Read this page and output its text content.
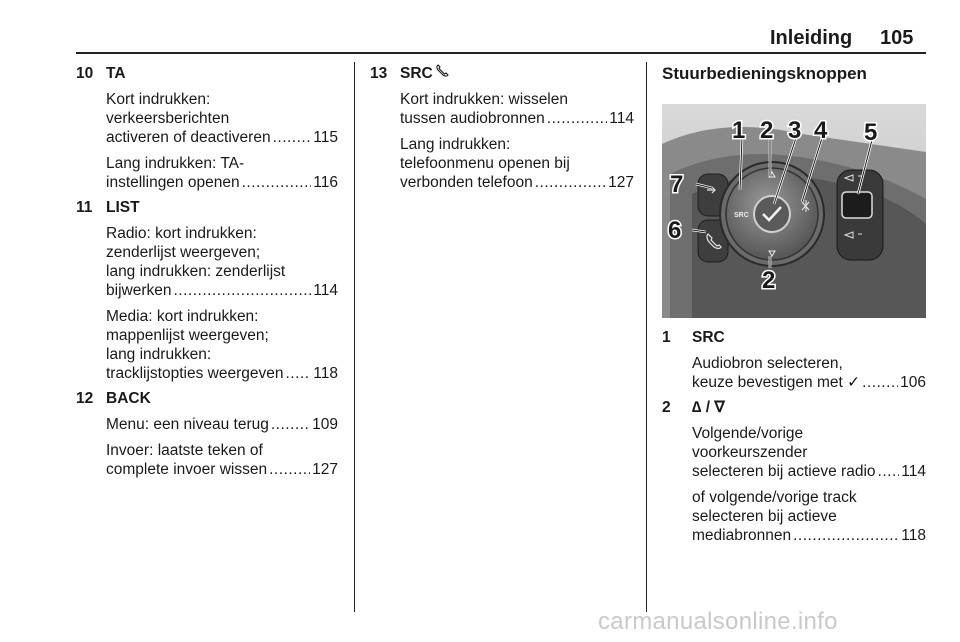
Inleiding 105
10 TA
Kort indrukken:
verkeersberichten
activeren of deactiveren .....	115
Lang indrukken: TA-
instellingen openen .....	116
11 LIST
Radio: kort indrukken:
zenderlijst weergeven;
lang indrukken: zenderlijst
bijwerken .....	114
Media: kort indrukken:
mappenlijst weergeven;
lang indrukken:
tracklijstopties weergeven ..... 118
12 BACK
Menu: een niveau terug .....	109
Invoer: laatste teken of
complete invoer wissen .....	127
13 SRC
Kort indrukken: wisselen
tussen audiobronnen .....	114
Lang indrukken:
telefoonmenu openen bij
verbonden telefoon .....	127
Stuurbedieningsknoppen
SRC
1 2 3 4 5
7
6
2
1	SRC
Audiobron selecteren,
keuze bevestigen met ✓ .....	106
2	∆ / ∇
Volgende/vorige
voorkeurszender
selecteren bij actieve radio ..... 114
of volgende/vorige track
selecteren bij actieve
mediabronnen .....	118
carmanualsonline.info
